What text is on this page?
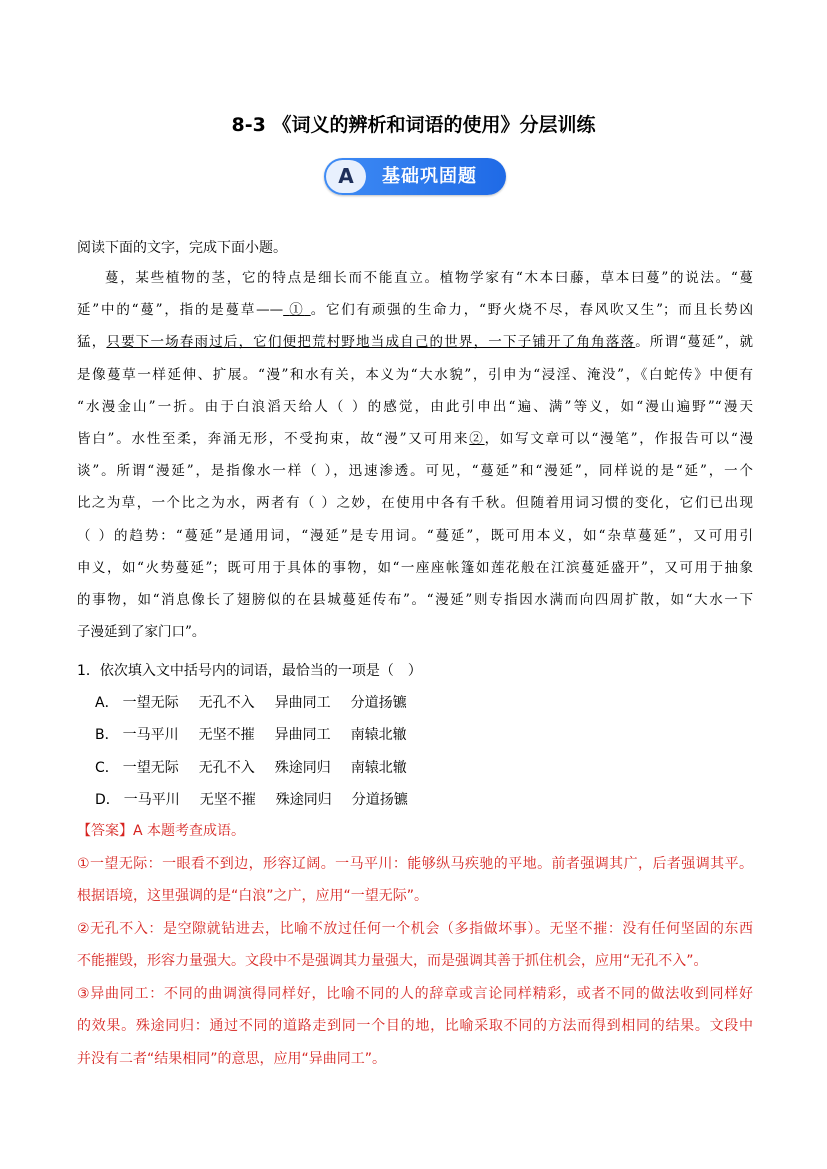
8-3 《词义的辨析和词语的使用》分层训练
A	基础巩固题
阅读下面的文字，完成下面小题。
蔓，某些植物的茎，它的特点是细长而不能直立。植物学家有“木本曰藤，草本曰蔓”的说法。“蔓
延”中的“蔓”，指的是蔓草—— ① 。它们有顽强的生命力，“野火烧不尽，春风吹又生”；而且长势凶
猛，只要下一场春雨过后，它们便把荒村野地当成自己的世界，一下子铺开了角角落落。所谓“蔓延”，就
是像蔓草一样延伸、扩展。“漫”和水有关，本义为“大水貌”，引申为“浸淫、淹没”，《白蛇传》中便有
“水漫金山”一折。由于白浪滔天给人（ ）的感觉，由此引申出“遍、满”等义，如“漫山遍野”“漫天
皆白”。水性至柔，奔涌无形，不受拘束，故“漫”又可用来②，如写文章可以“漫笔”，作报告可以“漫
谈”。所谓“漫延”，是指像水一样（ ），迅速渗透。可见，“蔓延”和“漫延”，同样说的是“延”，一个
比之为草，一个比之为水，两者有（ ）之妙，在使用中各有千秋。但随着用词习惯的变化，它们已出现
（ ）的趋势：“蔓延”是通用词，“漫延”是专用词。“蔓延”，既可用本义，如“杂草蔓延”，又可用引
申义，如“火势蔓延”；既可用于具体的事物，如“一座座帐篷如莲花般在江滨蔓延盛开”，又可用于抽象
的事物，如“消息像长了翅膀似的在县城蔓延传布”。“漫延”则专指因水满而向四周扩散，如“大水一下
子漫延到了家门口”。
1．依次填入文中括号内的词语，最恰当的一项是（　）
A． 一望无际 无孔不入 异曲同工 分道扬镳
B． 一马平川 无坚不摧 异曲同工 南辕北辙
C． 一望无际 无孔不入 殊途同归 南辕北辙
D． 一马平川 无坚不摧 殊途同归 分道扬镳
【答案】A 本题考查成语。
①一望无际：一眼看不到边，形容辽阔。一马平川：能够纵马疾驰的平地。前者强调其广，后者强调其平。
根据语境，这里强调的是“白浪”之广，应用“一望无际”。
②无孔不入：是空隙就钻进去，比喻不放过任何一个机会（多指做坏事）。无坚不摧：没有任何坚固的东西
不能摧毁，形容力量强大。文段中不是强调其力量强大，而是强调其善于抓住机会，应用“无孔不入”。
③异曲同工：不同的曲调演得同样好，比喻不同的人的辞章或言论同样精彩，或者不同的做法收到同样好
的效果。殊途同归：通过不同的道路走到同一个目的地，比喻采取不同的方法而得到相同的结果。文段中
并没有二者“结果相同”的意思，应用“异曲同工”。
